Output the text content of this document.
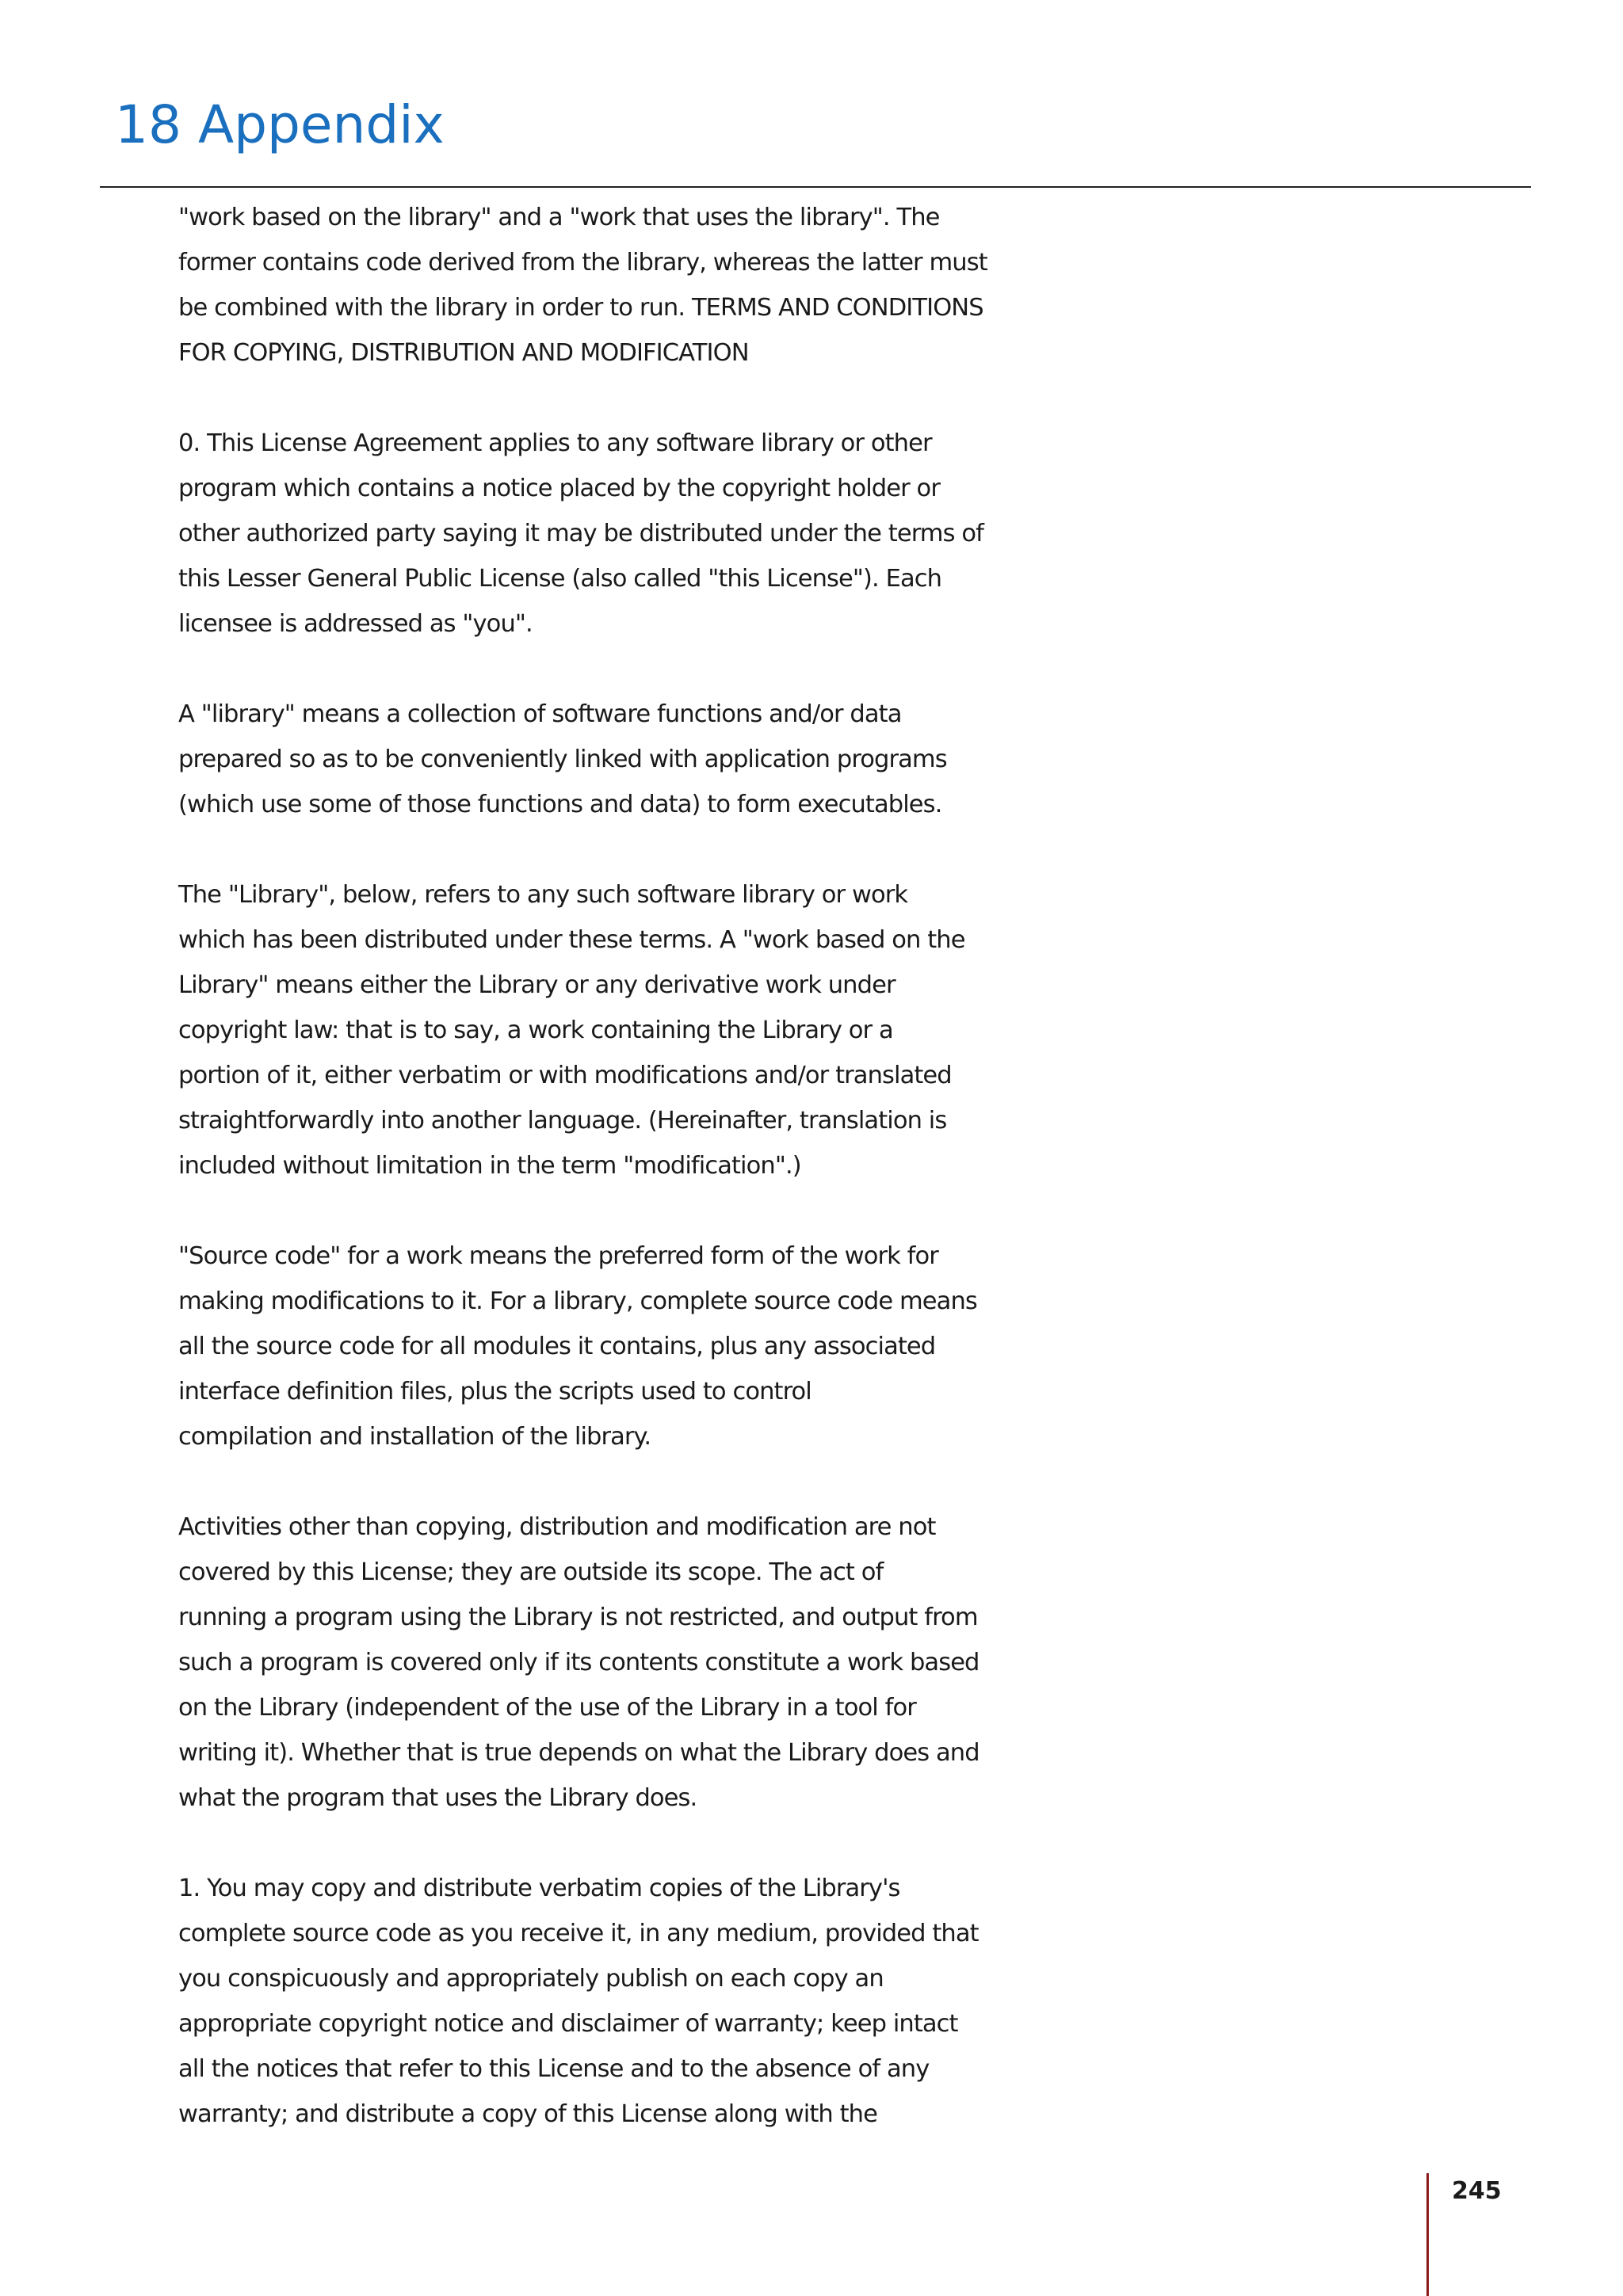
18 Appendix
"work based on the library" and a "work that uses the library". The
former contains code derived from the library, whereas the latter must
be combined with the library in order to run. TERMS AND CONDITIONS
FOR COPYING, DISTRIBUTION AND MODIFICATION
0. This License Agreement applies to any software library or other
program which contains a notice placed by the copyright holder or
other authorized party saying it may be distributed under the terms of
this Lesser General Public License (also called "this License"). Each
licensee is addressed as "you".
A "library" means a collection of software functions and/or data
prepared so as to be conveniently linked with application programs
(which use some of those functions and data) to form executables.
The "Library", below, refers to any such software library or work
which has been distributed under these terms. A "work based on the
Library" means either the Library or any derivative work under
copyright law: that is to say, a work containing the Library or a
portion of it, either verbatim or with modifications and/or translated
straightforwardly into another language. (Hereinafter, translation is
included without limitation in the term "modification".)
"Source code" for a work means the preferred form of the work for
making modifications to it. For a library, complete source code means
all the source code for all modules it contains, plus any associated
interface definition files, plus the scripts used to control
compilation and installation of the library.
Activities other than copying, distribution and modification are not
covered by this License; they are outside its scope. The act of
running a program using the Library is not restricted, and output from
such a program is covered only if its contents constitute a work based
on the Library (independent of the use of the Library in a tool for
writing it). Whether that is true depends on what the Library does and
what the program that uses the Library does.
1. You may copy and distribute verbatim copies of the Library's
complete source code as you receive it, in any medium, provided that
you conspicuously and appropriately publish on each copy an
appropriate copyright notice and disclaimer of warranty; keep intact
all the notices that refer to this License and to the absence of any
warranty; and distribute a copy of this License along with the
245
